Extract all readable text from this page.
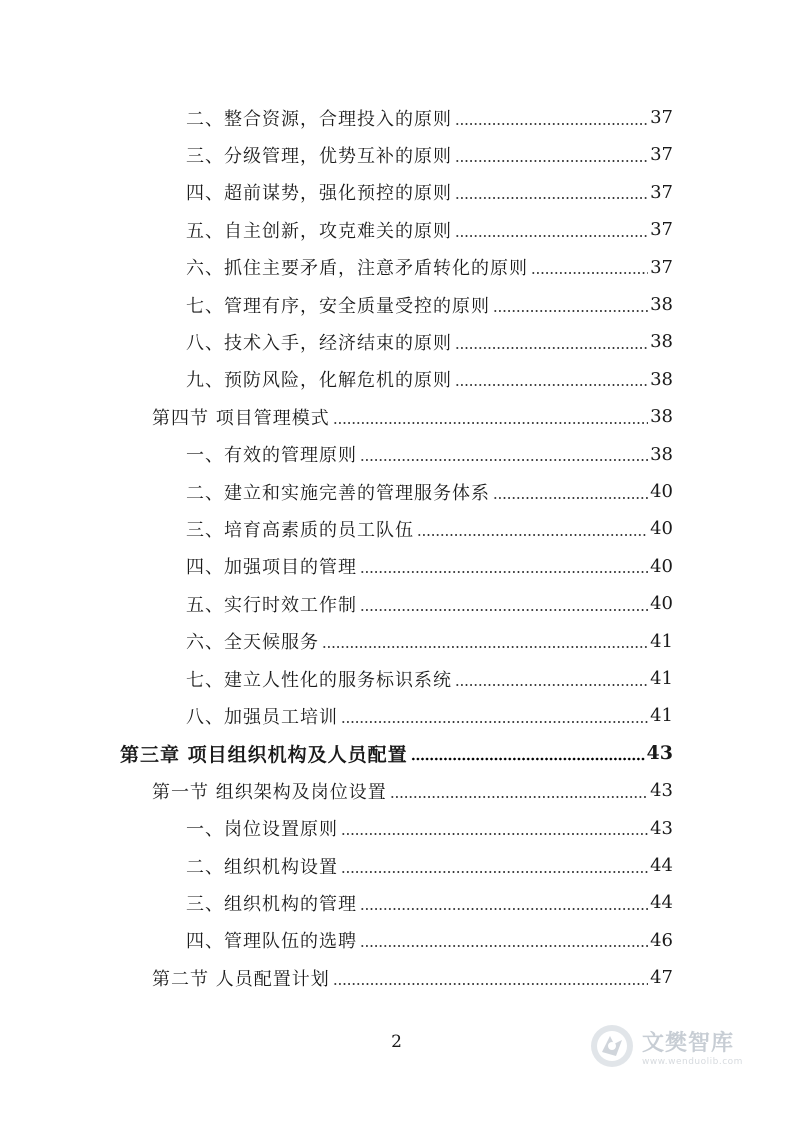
二、整合资源，合理投入的原则	37
三、分级管理，优势互补的原则	37
四、超前谋势，强化预控的原则	37
五、自主创新，攻克难关的原则	37
六、抓住主要矛盾，注意矛盾转化的原则	37
七、管理有序，安全质量受控的原则	38
八、技术入手，经济结束的原则	38
九、预防风险，化解危机的原则	38
第四节 项目管理模式	38
一、有效的管理原则	38
二、建立和实施完善的管理服务体系	40
三、培育高素质的员工队伍	40
四、加强项目的管理	40
五、实行时效工作制	40
六、全天候服务	41
七、建立人性化的服务标识系统	41
八、加强员工培训	41
第三章 项目组织机构及人员配置	43
第一节 组织架构及岗位设置	43
一、岗位设置原则	43
二、组织机构设置	44
三、组织机构的管理	44
四、管理队伍的选聘	46
第二节 人员配置计划	47
2	文樊智库
www.wenduolib.com
